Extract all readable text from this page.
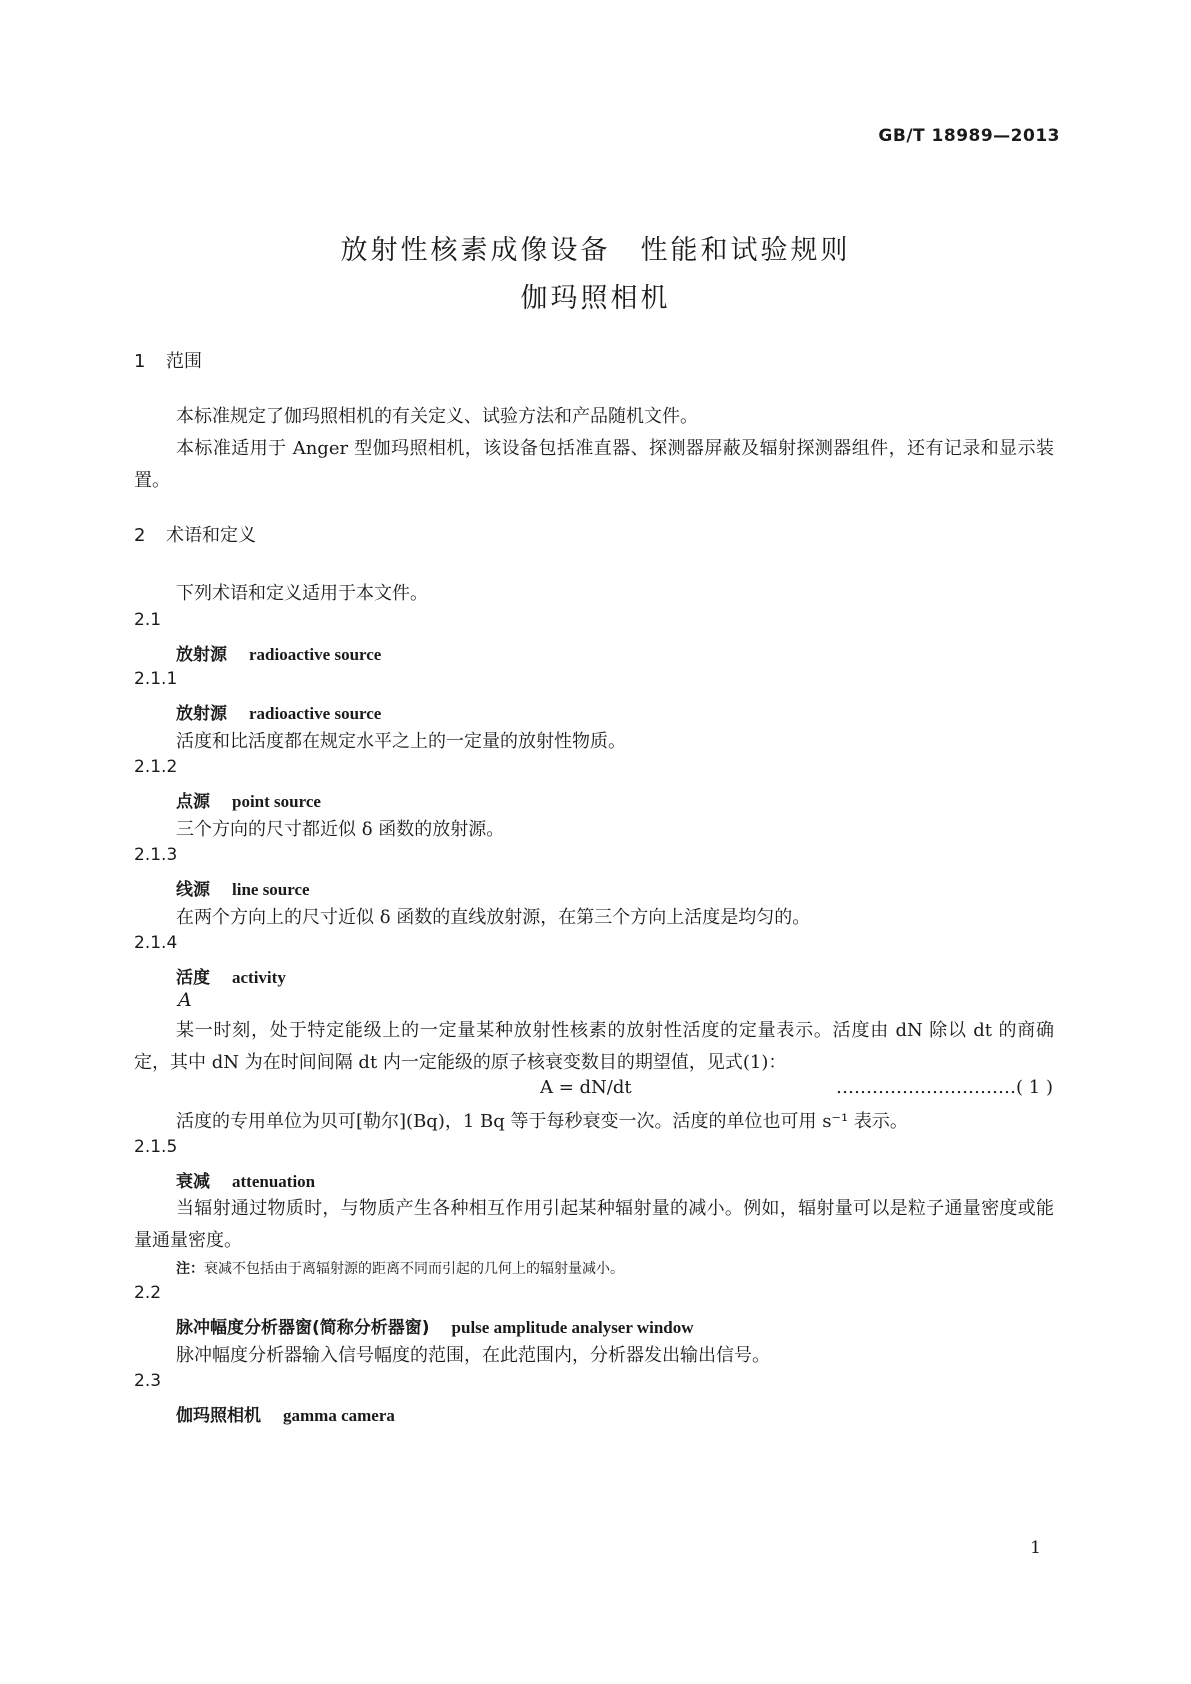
GB/T 18989—2013
放射性核素成像设备　性能和试验规则
伽玛照相机
1 范围
本标准规定了伽玛照相机的有关定义、试验方法和产品随机文件。
本标准适用于 Anger 型伽玛照相机，该设备包括准直器、探测器屏蔽及辐射探测器组件，还有记录和显示装置。
2 术语和定义
下列术语和定义适用于本文件。
2.1
放射源 radioactive source
2.1.1
放射源 radioactive source
活度和比活度都在规定水平之上的一定量的放射性物质。
2.1.2
点源 point source
三个方向的尺寸都近似 δ 函数的放射源。
2.1.3
线源 line source
在两个方向上的尺寸近似 δ 函数的直线放射源，在第三个方向上活度是均匀的。
2.1.4
活度 activity
A
某一时刻，处于特定能级上的一定量某种放射性核素的放射性活度的定量表示。活度由 dN 除以 dt 的商确定，其中 dN 为在时间间隔 dt 内一定能级的原子核衰变数目的期望值，见式(1)：
A = dN/dt	…………………………( 1 )
活度的专用单位为贝可[勒尔](Bq)，1 Bq 等于每秒衰变一次。活度的单位也可用 s⁻¹ 表示。
2.1.5
衰减 attenuation
当辐射通过物质时，与物质产生各种相互作用引起某种辐射量的减小。例如，辐射量可以是粒子通量密度或能量通量密度。
注：衰减不包括由于离辐射源的距离不同而引起的几何上的辐射量减小。
2.2
脉冲幅度分析器窗(简称分析器窗) pulse amplitude analyser window
脉冲幅度分析器输入信号幅度的范围，在此范围内，分析器发出输出信号。
2.3
伽玛照相机 gamma camera
1
